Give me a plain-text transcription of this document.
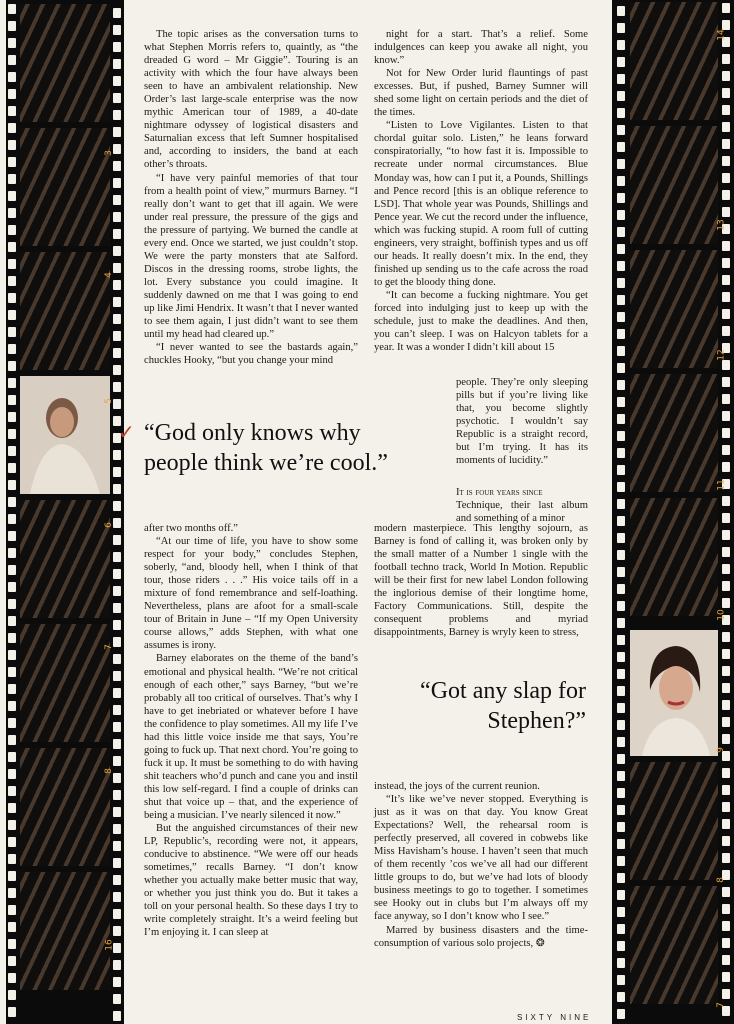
3
4
5
6
7
8
16
14
13
12
11
10
9
8
7

The topic arises as the conversation turns to what Stephen Morris refers to, quaintly, as “the dreaded G word – Mr Giggie”. Touring is an activity with which the four have always been seen to have an ambivalent relationship. New Order’s last large-scale enterprise was the now mythic American tour of 1989, a 40-date nightmare odyssey of logistical disasters and Saturnalian excess that left Sumner hospitalised and, according to insiders, the band at each other’s throats.

“I have very painful memories of that tour from a health point of view,” murmurs Barney. “I really don’t want to get that ill again. We were under real pressure, the pressure of the gigs and the pressure of partying. We burned the candle at every end. Once we started, we just couldn’t stop. We were the party monsters that ate Salford. Discos in the dressing rooms, strobe lights, the lot. Every substance you could imagine. It suddenly dawned on me that I was going to end up like Jimi Hendrix. It wasn’t that I never wanted to see them again, I just didn’t want to see them until my head had cleared up.”

“I never wanted to see the bastards again,” chuckles Hooky, “but you change your mind

night for a start. That’s a relief. Some indulgences can keep you awake all night, you know.”

Not for New Order lurid flauntings of past excesses. But, if pushed, Barney Sumner will shed some light on certain periods and the diet of the times.

“Listen to Love Vigilantes. Listen to that chordal guitar solo. Listen,” he leans forward conspiratorially, “to how fast it is. Impossible to recreate under normal circumstances. Blue Monday was, how can I put it, a Pounds, Shillings and Pence record [this is an oblique reference to LSD]. That whole year was Pounds, Shillings and Pence year. We cut the record under the influence, which was fucking stupid. A room full of cutting engineers, very straight, boffinish types and us off our heads. It really doesn’t mix. In the end, they finished up sending us to the cafe across the road to get the bloody thing done.

“It can become a fucking nightmare. You get forced into indulging just to keep up with the schedule, just to make the deadlines. And then, you can’t sleep. I was on Halcyon tablets for a year. It was a wonder I didn’t kill about 15

people. They’re only sleeping pills but if you’re living like that, you become slightly psychotic. I wouldn’t say Republic is a straight record, but I’m trying. It has its moments of lucidity.”

✓ “God only knows why
people think we’re cool.”

It is four years since

Technique, their last album and something of a minor

after two months off.”

“At our time of life, you have to show some respect for your body,” concludes Stephen, soberly, “and, bloody hell, when I think of that tour, those riders . . .” His voice tails off in a mixture of fond remembrance and self-loathing. Nevertheless, plans are afoot for a small-scale tour of Britain in June – “If my Open University course allows,” adds Stephen, with what one assumes is irony.

Barney elaborates on the theme of the band’s emotional and physical health. “We’re not critical enough of each other,” says Barney, “but we’re probably all too critical of ourselves. That’s why I have to get inebriated or whatever before I have the confidence to play sometimes. All my life I’ve had this little voice inside me that says, You’re going to fuck up. That next chord. You’re going to fuck it up. It must be something to do with having shit teachers who’d punch and cane you and instil this low self-regard. I find a couple of drinks can shut that voice up – that, and the experience of being a musician. I’ve nearly silenced it now.”

But the anguished circumstances of their new LP, Republic’s, recording were not, it appears, conducive to abstinence. “We were off our heads sometimes,” recalls Barney. “I don’t know whether you actually make better music that way, or whether you just think you do. But it takes a toll on your personal health. So these days I try to write completely straight. It’s a weird feeling but I’m enjoying it. I can sleep at

modern masterpiece. This lengthy sojourn, as Barney is fond of calling it, was broken only by the small matter of a Number 1 single with the football techno track, World In Motion. Republic will be their first for new label London following the inglorious demise of their longtime home, Factory Communications. Still, despite the consequent problems and myriad disappointments, Barney is wryly keen to stress,

“Got any slap for
Stephen?”

instead, the joys of the current reunion.

“It’s like we’ve never stopped. Everything is just as it was on that day. You know Great Expectations? Well, the rehearsal room is perfectly preserved, all covered in cobwebs like Miss Havisham’s house. I haven’t seen that much of them recently ’cos we’ve all had our different little groups to do, but we’ve had lots of bloody business meetings to go to together. I sometimes see Hooky out in clubs but I’m always off my face anyway, so I don’t know who I see.”

Marred by business disasters and the time-consumption of various solo projects, ❂

SIXTY NINE
